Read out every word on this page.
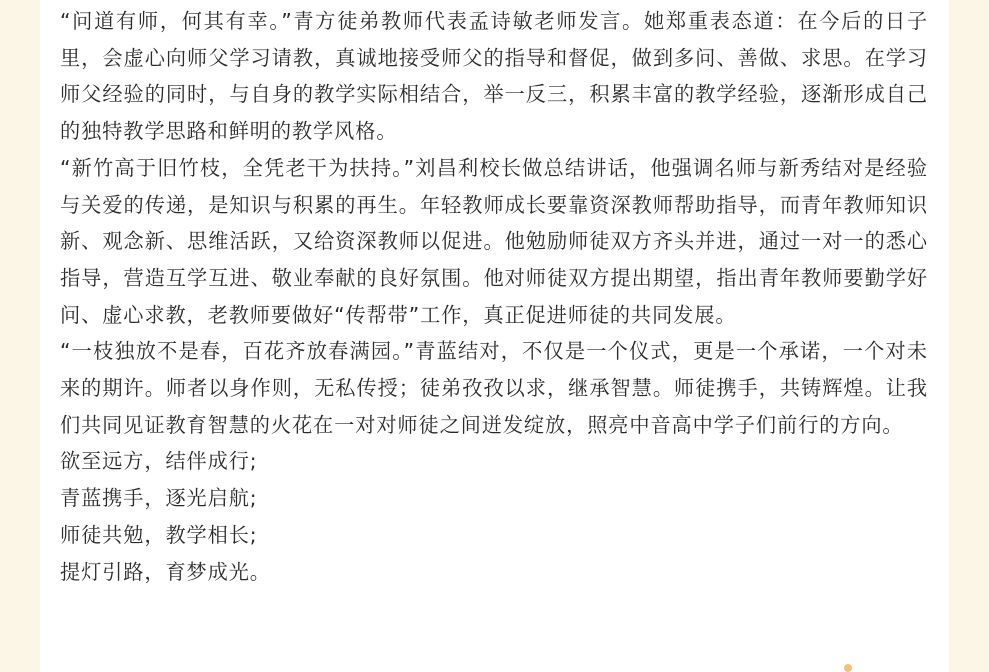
“问道有师，何其有幸。”青方徒弟教师代表孟诗敏老师发言。她郑重表态道：在今后的日子里，会虚心向师父学习请教，真诚地接受师父的指导和督促，做到多问、善做、求思。在学习师父经验的同时，与自身的教学实际相结合，举一反三，积累丰富的教学经验，逐渐形成自己的独特教学思路和鲜明的教学风格。

“新竹高于旧竹枝，全凭老干为扶持。”刘昌利校长做总结讲话，他强调名师与新秀结对是经验与关爱的传递，是知识与积累的再生。年轻教师成长要靠资深教师帮助指导，而青年教师知识新、观念新、思维活跃，又给资深教师以促进。他勉励师徒双方齐头并进，通过一对一的悉心指导，营造互学互进、敬业奉献的良好氛围。他对师徒双方提出期望，指出青年教师要勤学好问、虚心求教，老教师要做好“传帮带”工作，真正促进师徒的共同发展。

“一枝独放不是春，百花齐放春满园。”青蓝结对，不仅是一个仪式，更是一个承诺，一个对未来的期许。师者以身作则，无私传授；徒弟孜孜以求，继承智慧。师徒携手，共铸辉煌。让我们共同见证教育智慧的火花在一对对师徒之间迸发绽放，照亮中音高中学子们前行的方向。

欲至远方，结伴成行;

青蓝携手，逐光启航;

师徒共勉，教学相长;

提灯引路，育梦成光。
